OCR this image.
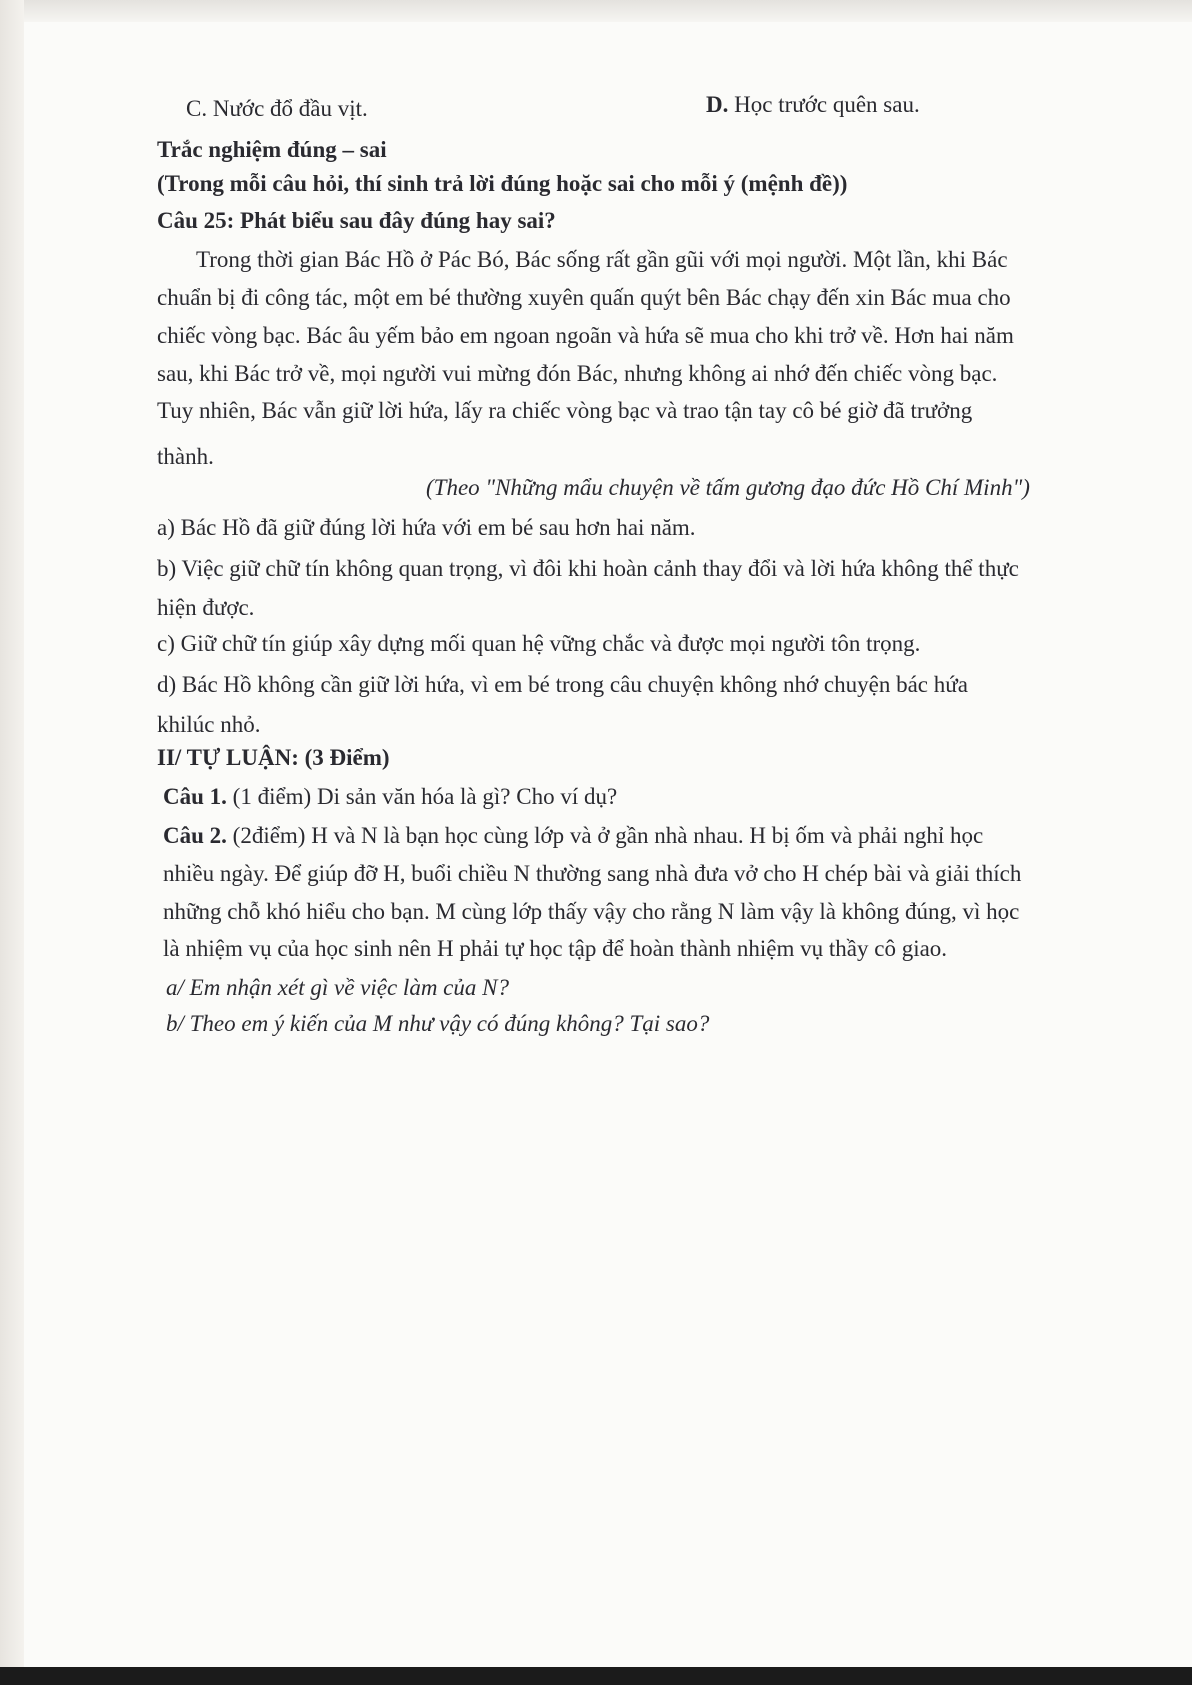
C. Nước đổ đầu vịt.	D. Học trước quên sau.
Trắc nghiệm đúng – sai
(Trong mỗi câu hỏi, thí sinh trả lời đúng hoặc sai cho mỗi ý (mệnh đề))
Câu 25: Phát biểu sau đây đúng hay sai?
Trong thời gian Bác Hồ ở Pác Bó, Bác sống rất gần gũi với mọi người. Một lần, khi Bác
chuẩn bị đi công tác, một em bé thường xuyên quấn quýt bên Bác chạy đến xin Bác mua cho
chiếc vòng bạc. Bác âu yếm bảo em ngoan ngoãn và hứa sẽ mua cho khi trở về. Hơn hai năm
sau, khi Bác trở về, mọi người vui mừng đón Bác, nhưng không ai nhớ đến chiếc vòng bạc.
Tuy nhiên, Bác vẫn giữ lời hứa, lấy ra chiếc vòng bạc và trao tận tay cô bé giờ đã trưởng
thành.
(Theo "Những mẩu chuyện về tấm gương đạo đức Hồ Chí Minh")
a) Bác Hồ đã giữ đúng lời hứa với em bé sau hơn hai năm.
b) Việc giữ chữ tín không quan trọng, vì đôi khi hoàn cảnh thay đổi và lời hứa không thể thực
hiện được.
c) Giữ chữ tín giúp xây dựng mối quan hệ vững chắc và được mọi người tôn trọng.
d) Bác Hồ không cần giữ lời hứa, vì em bé trong câu chuyện không nhớ chuyện bác hứa
khilúc nhỏ.
II/ TỰ LUẬN: (3 Điểm)
Câu 1. (1 điểm) Di sản văn hóa là gì? Cho ví dụ?
Câu 2. (2điểm) H và N là bạn học cùng lớp và ở gần nhà nhau. H bị ốm và phải nghỉ học
nhiều ngày. Để giúp đỡ H, buổi chiều N thường sang nhà đưa vở cho H chép bài và giải thích
những chỗ khó hiểu cho bạn. M cùng lớp thấy vậy cho rằng N làm vậy là không đúng, vì học
là nhiệm vụ của học sinh nên H phải tự học tập để hoàn thành nhiệm vụ thầy cô giao.
a/ Em nhận xét gì về việc làm của N?
b/ Theo em ý kiến của M như vậy có đúng không? Tại sao?
